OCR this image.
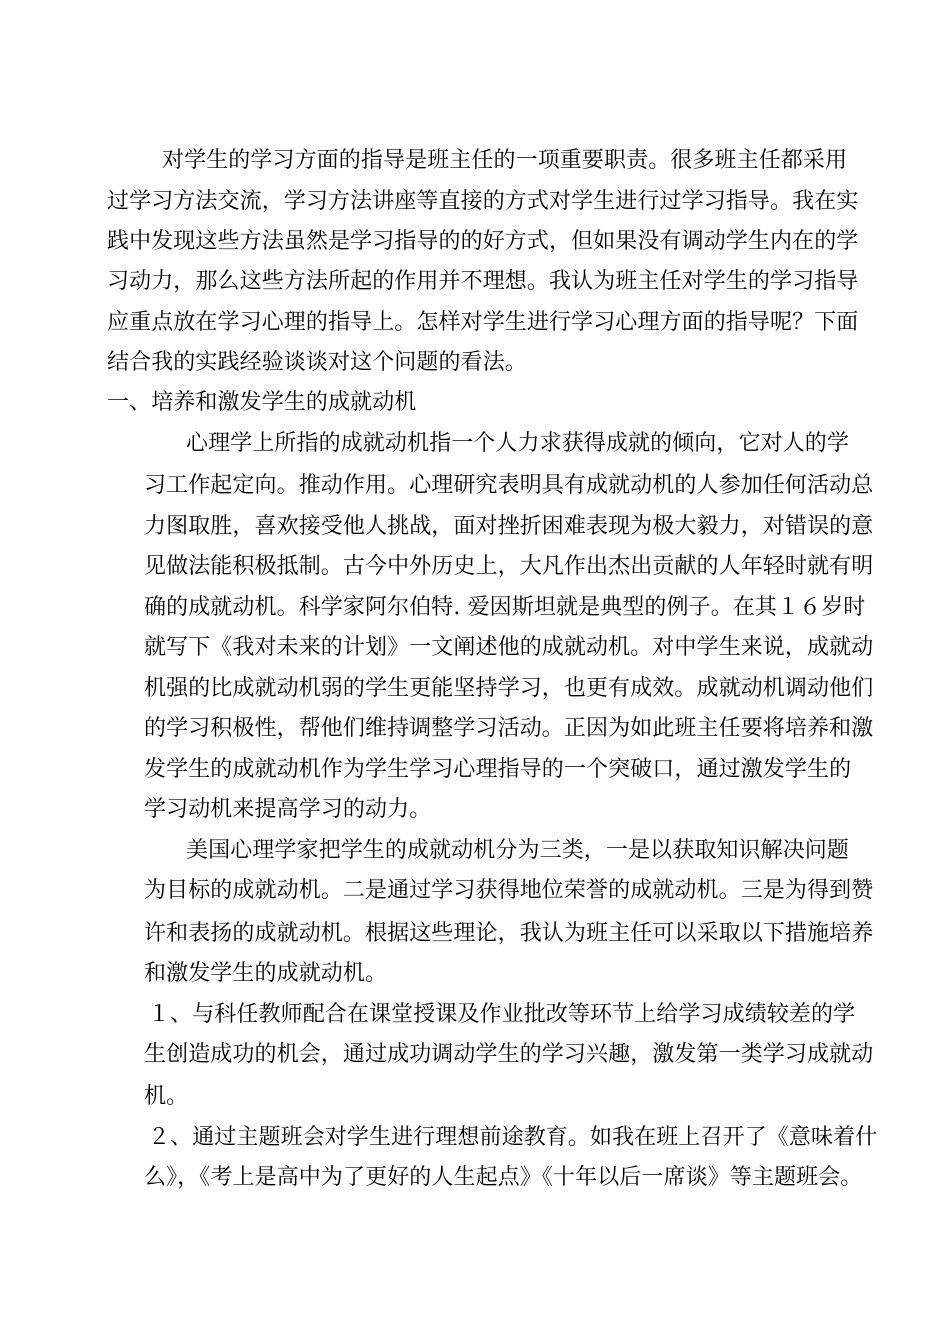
对学生的学习方面的指导是班主任的一项重要职责。很多班主任都采用

过学习方法交流，学习方法讲座等直接的方式对学生进行过学习指导。我在实

践中发现这些方法虽然是学习指导的的好方式，但如果没有调动学生内在的学

习动力，那么这些方法所起的作用并不理想。我认为班主任对学生的学习指导

应重点放在学习心理的指导上。怎样对学生进行学习心理方面的指导呢？下面

结合我的实践经验谈谈对这个问题的看法。

一、培养和激发学生的成就动机

心理学上所指的成就动机指一个人力求获得成就的倾向，它对人的学

习工作起定向。推动作用。心理研究表明具有成就动机的人参加任何活动总

力图取胜，喜欢接受他人挑战，面对挫折困难表现为极大毅力，对错误的意

见做法能积极抵制。古今中外历史上，大凡作出杰出贡献的人年轻时就有明

确的成就动机。科学家阿尔伯特. 爱因斯坦就是典型的例子。在其１６岁时

就写下《我对未来的计划》一文阐述他的成就动机。对中学生来说，成就动

机强的比成就动机弱的学生更能坚持学习，也更有成效。成就动机调动他们

的学习积极性，帮他们维持调整学习活动。正因为如此班主任要将培养和激

发学生的成就动机作为学生学习心理指导的一个突破口，通过激发学生的

学习动机来提高学习的动力。

美国心理学家把学生的成就动机分为三类，一是以获取知识解决问题

为目标的成就动机。二是通过学习获得地位荣誉的成就动机。三是为得到赞

许和表扬的成就动机。根据这些理论，我认为班主任可以采取以下措施培养

和激发学生的成就动机。

１、与科任教师配合在课堂授课及作业批改等环节上给学习成绩较差的学

生创造成功的机会，通过成功调动学生的学习兴趣，激发第一类学习成就动

机。

２、通过主题班会对学生进行理想前途教育。如我在班上召开了《意味着什

么》，《考上是高中为了更好的人生起点》《十年以后一席谈》等主题班会。
